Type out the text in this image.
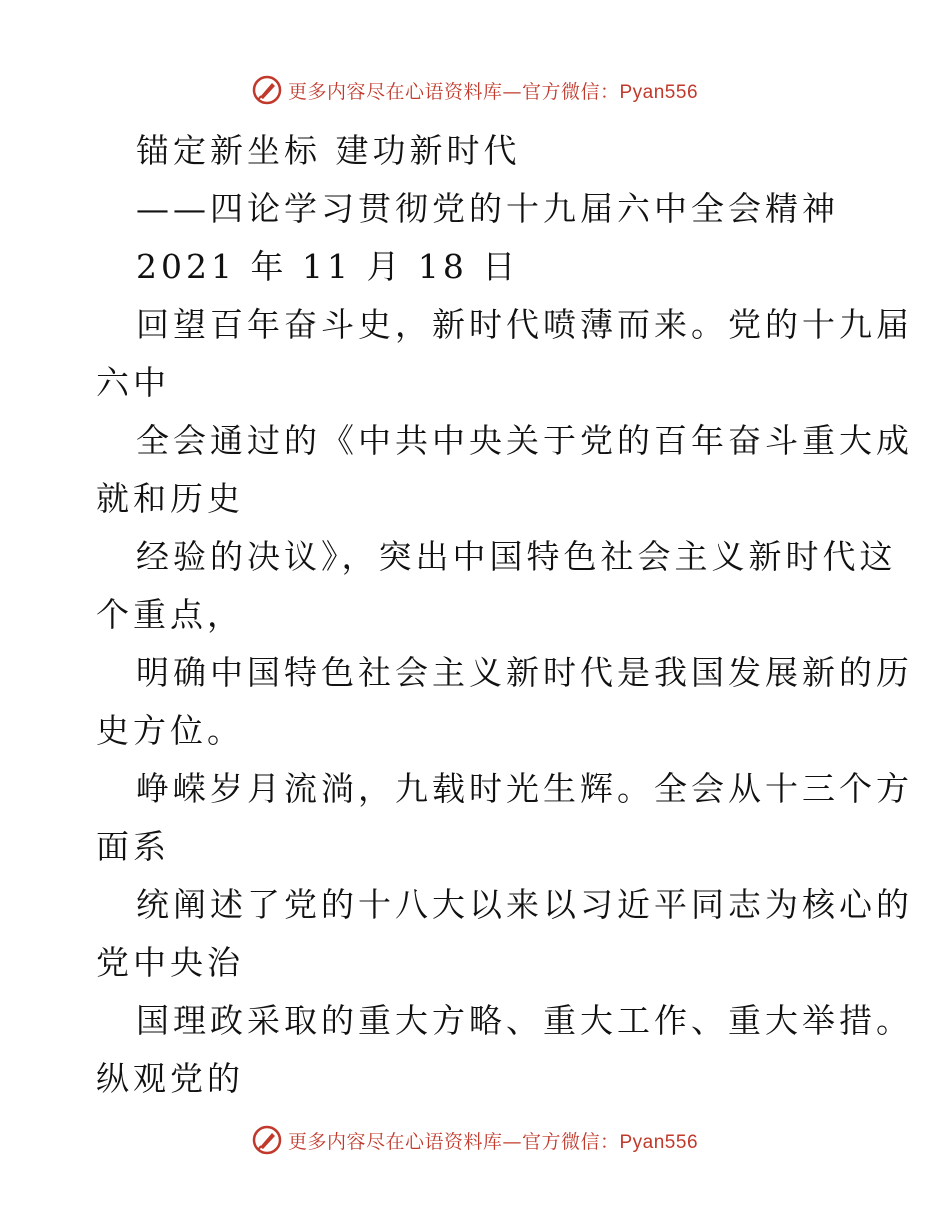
更多内容尽在心语资料库—官方微信：Pyan556
锚定新坐标 建功新时代
——四论学习贯彻党的十九届六中全会精神
2021 年 11 月 18 日
回望百年奋斗史，新时代喷薄而来。党的十九届
六中
全会通过的《中共中央关于党的百年奋斗重大成
就和历史
经验的决议》，突出中国特色社会主义新时代这
个重点，
明确中国特色社会主义新时代是我国发展新的历
史方位。
峥嵘岁月流淌，九载时光生辉。全会从十三个方
面系
统阐述了党的十八大以来以习近平同志为核心的
党中央治
国理政采取的重大方略、重大工作、重大举措。
纵观党的
更多内容尽在心语资料库—官方微信：Pyan556
